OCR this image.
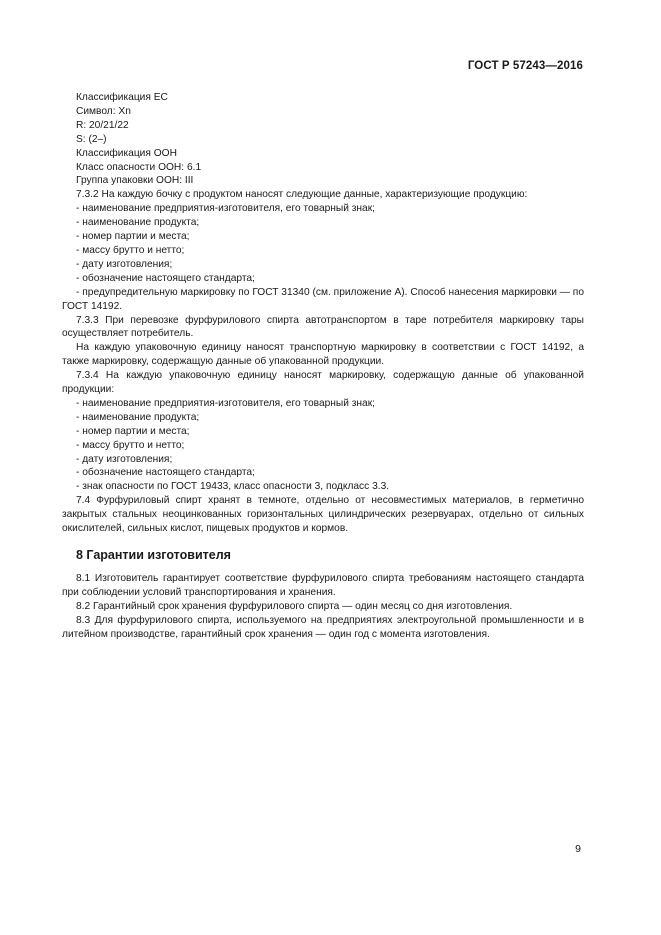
ГОСТ Р 57243—2016
Классификация ЕС
Символ: Xn
R: 20/21/22
S: (2–)
Классификация ООН
Класс опасности ООН: 6.1
Группа упаковки ООН: III
7.3.2 На каждую бочку с продуктом наносят следующие данные, характеризующие продукцию:
- наименование предприятия-изготовителя, его товарный знак;
- наименование продукта;
- номер партии и места;
- массу брутто и нетто;
- дату изготовления;
- обозначение настоящего стандарта;
- предупредительную маркировку по ГОСТ 31340 (см. приложение А). Способ нанесения маркировки — по ГОСТ 14192.
7.3.3 При перевозке фурфурилового спирта автотранспортом в таре потребителя маркировку тары осуществляет потребитель.
На каждую упаковочную единицу наносят транспортную маркировку в соответствии с ГОСТ 14192, а также маркировку, содержащую данные об упакованной продукции.
7.3.4 На каждую упаковочную единицу наносят маркировку, содержащую данные об упакованной продукции:
- наименование предприятия-изготовителя, его товарный знак;
- наименование продукта;
- номер партии и места;
- массу брутто и нетто;
- дату изготовления;
- обозначение настоящего стандарта;
- знак опасности по ГОСТ 19433, класс опасности 3, подкласс 3.3.
7.4 Фурфуриловый спирт хранят в темноте, отдельно от несовместимых материалов, в герметично закрытых стальных неоцинкованных горизонтальных цилиндрических резервуарах, отдельно от сильных окислителей, сильных кислот, пищевых продуктов и кормов.
8 Гарантии изготовителя
8.1 Изготовитель гарантирует соответствие фурфурилового спирта требованиям настоящего стандарта при соблюдении условий транспортирования и хранения.
8.2 Гарантийный срок хранения фурфурилового спирта — один месяц со дня изготовления.
8.3 Для фурфурилового спирта, используемого на предприятиях электроугольной промышленности и в литейном производстве, гарантийный срок хранения — один год с момента изготовления.
9
